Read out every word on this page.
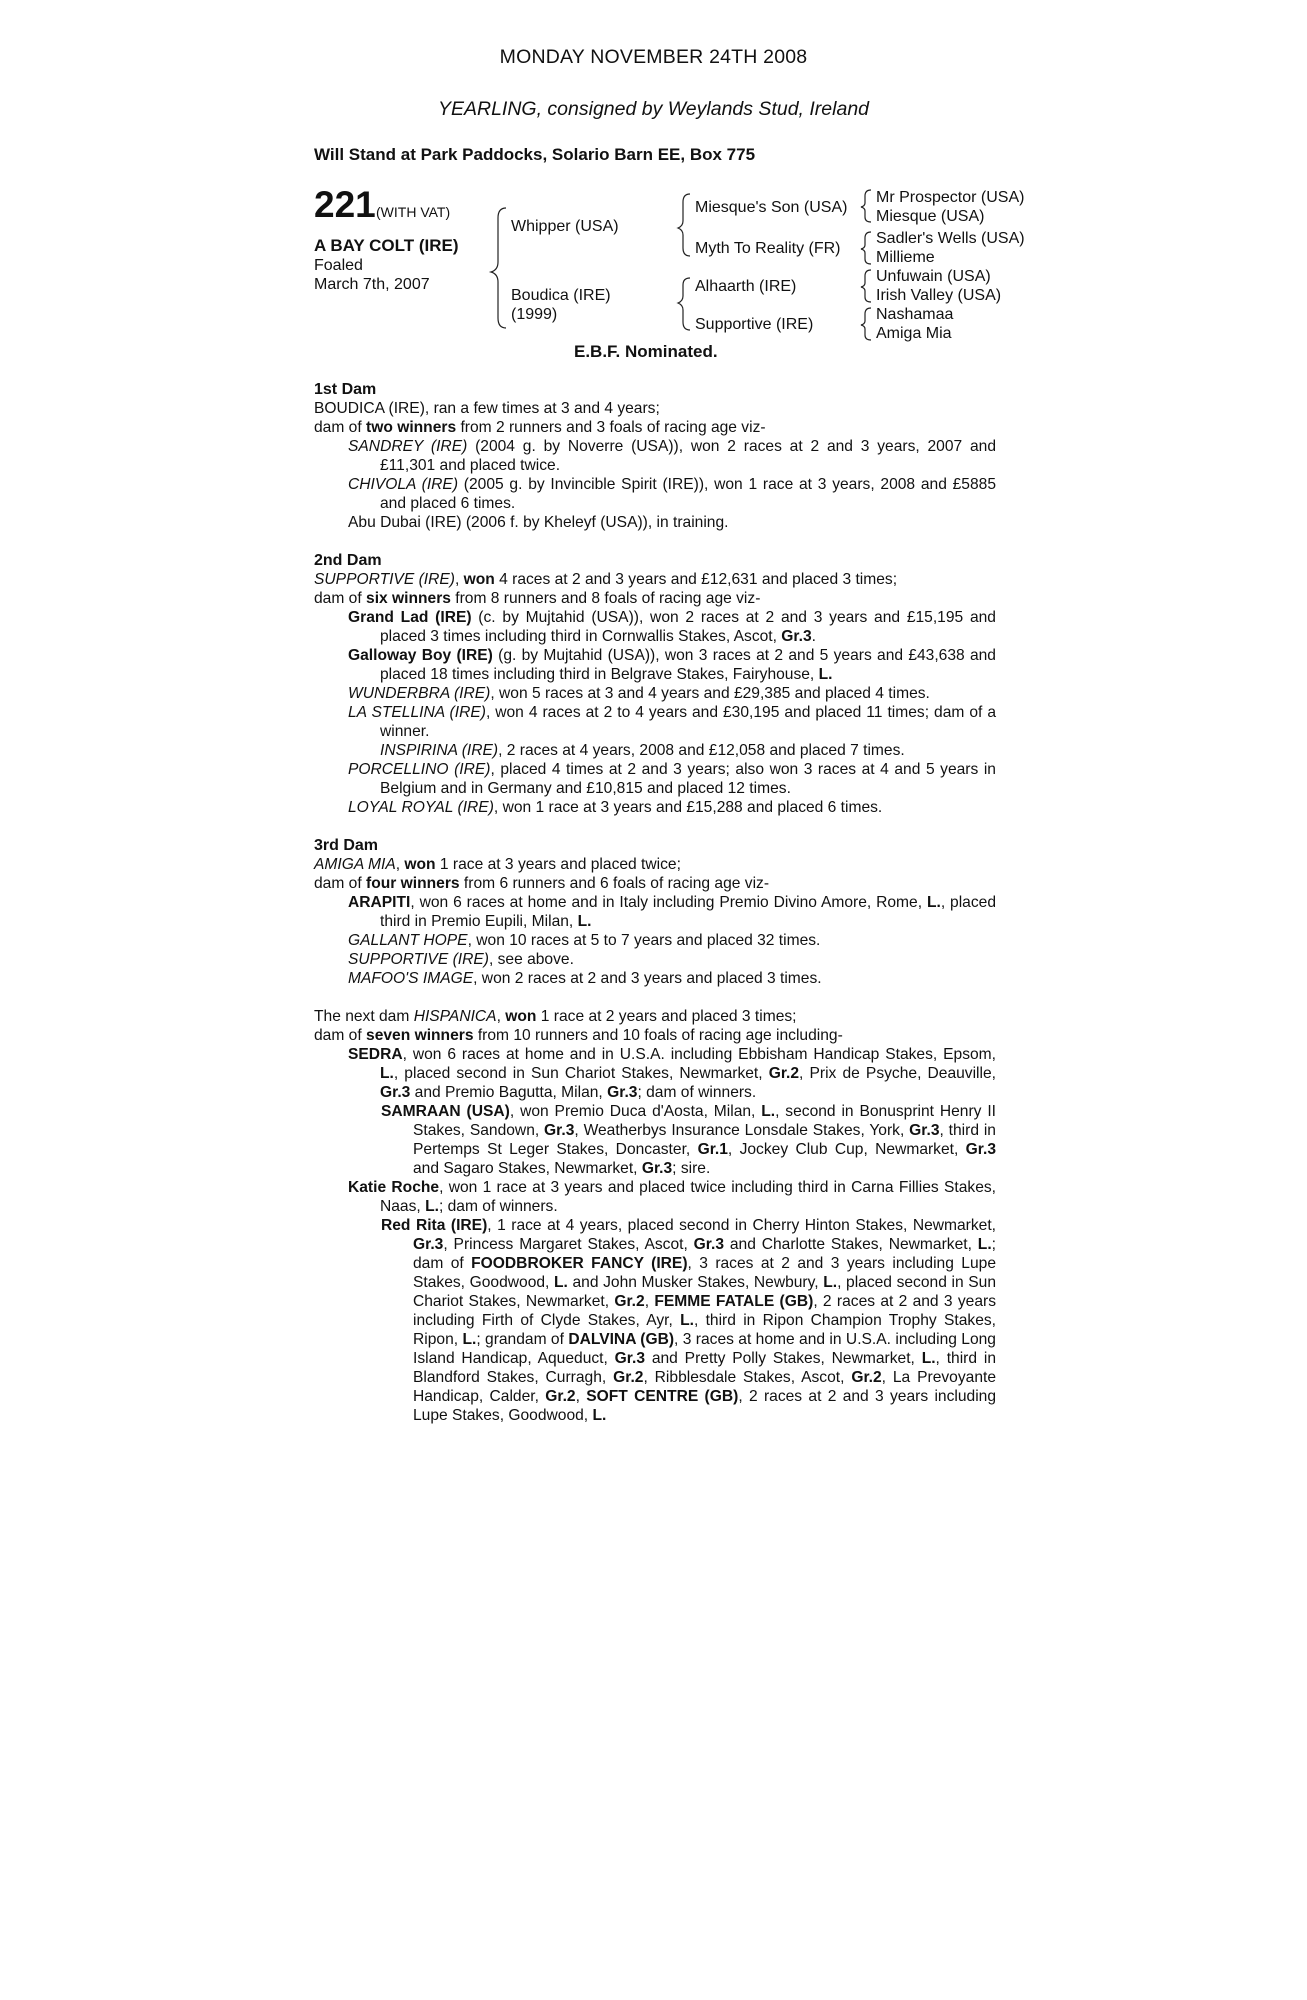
MONDAY NOVEMBER 24TH 2008
YEARLING, consigned by Weylands Stud, Ireland
Will Stand at Park Paddocks, Solario Barn EE, Box 775
221 (WITH VAT)
A BAY COLT (IRE)
Foaled
March 7th, 2007
Whipper (USA)
Boudica (IRE)
(1999)
Miesque's Son (USA)
Myth To Reality (FR)
Alhaarth (IRE)
Supportive (IRE)
Mr Prospector (USA)
Miesque (USA)
Sadler's Wells (USA)
Millieme
Unfuwain (USA)
Irish Valley (USA)
Nashamaa
Amiga Mia
E.B.F. Nominated.
1st Dam

BOUDICA (IRE), ran a few times at 3 and 4 years;

dam of two winners from 2 runners and 3 foals of racing age viz-

SANDREY (IRE) (2004 g. by Noverre (USA)), won 2 races at 2 and 3 years, 2007 and £11,301 and placed twice.

CHIVOLA (IRE) (2005 g. by Invincible Spirit (IRE)), won 1 race at 3 years, 2008 and £5885 and placed 6 times.

Abu Dubai (IRE) (2006 f. by Kheleyf (USA)), in training.

2nd Dam

SUPPORTIVE (IRE), won 4 races at 2 and 3 years and £12,631 and placed 3 times;

dam of six winners from 8 runners and 8 foals of racing age viz-

Grand Lad (IRE) (c. by Mujtahid (USA)), won 2 races at 2 and 3 years and £15,195 and placed 3 times including third in Cornwallis Stakes, Ascot, Gr.3.

Galloway Boy (IRE) (g. by Mujtahid (USA)), won 3 races at 2 and 5 years and £43,638 and placed 18 times including third in Belgrave Stakes, Fairyhouse, L.

WUNDERBRA (IRE), won 5 races at 3 and 4 years and £29,385 and placed 4 times.

LA STELLINA (IRE), won 4 races at 2 to 4 years and £30,195 and placed 11 times; dam of a winner.

INSPIRINA (IRE), 2 races at 4 years, 2008 and £12,058 and placed 7 times.

PORCELLINO (IRE), placed 4 times at 2 and 3 years; also won 3 races at 4 and 5 years in Belgium and in Germany and £10,815 and placed 12 times.

LOYAL ROYAL (IRE), won 1 race at 3 years and £15,288 and placed 6 times.

3rd Dam

AMIGA MIA, won 1 race at 3 years and placed twice;

dam of four winners from 6 runners and 6 foals of racing age viz-

ARAPITI, won 6 races at home and in Italy including Premio Divino Amore, Rome, L., placed third in Premio Eupili, Milan, L.

GALLANT HOPE, won 10 races at 5 to 7 years and placed 32 times.

SUPPORTIVE (IRE), see above.

MAFOO'S IMAGE, won 2 races at 2 and 3 years and placed 3 times.

The next dam HISPANICA, won 1 race at 2 years and placed 3 times;

dam of seven winners from 10 runners and 10 foals of racing age including-

SEDRA, won 6 races at home and in U.S.A. including Ebbisham Handicap Stakes, Epsom, L., placed second in Sun Chariot Stakes, Newmarket, Gr.2, Prix de Psyche, Deauville, Gr.3 and Premio Bagutta, Milan, Gr.3; dam of winners.

SAMRAAN (USA), won Premio Duca d'Aosta, Milan, L., second in Bonusprint Henry II Stakes, Sandown, Gr.3, Weatherbys Insurance Lonsdale Stakes, York, Gr.3, third in Pertemps St Leger Stakes, Doncaster, Gr.1, Jockey Club Cup, Newmarket, Gr.3 and Sagaro Stakes, Newmarket, Gr.3; sire.

Katie Roche, won 1 race at 3 years and placed twice including third in Carna Fillies Stakes, Naas, L.; dam of winners.

Red Rita (IRE), 1 race at 4 years, placed second in Cherry Hinton Stakes, Newmarket, Gr.3, Princess Margaret Stakes, Ascot, Gr.3 and Charlotte Stakes, Newmarket, L.; dam of FOODBROKER FANCY (IRE), 3 races at 2 and 3 years including Lupe Stakes, Goodwood, L. and John Musker Stakes, Newbury, L., placed second in Sun Chariot Stakes, Newmarket, Gr.2, FEMME FATALE (GB), 2 races at 2 and 3 years including Firth of Clyde Stakes, Ayr, L., third in Ripon Champion Trophy Stakes, Ripon, L.; grandam of DALVINA (GB), 3 races at home and in U.S.A. including Long Island Handicap, Aqueduct, Gr.3 and Pretty Polly Stakes, Newmarket, L., third in Blandford Stakes, Curragh, Gr.2, Ribblesdale Stakes, Ascot, Gr.2, La Prevoyante Handicap, Calder, Gr.2, SOFT CENTRE (GB), 2 races at 2 and 3 years including Lupe Stakes, Goodwood, L.
